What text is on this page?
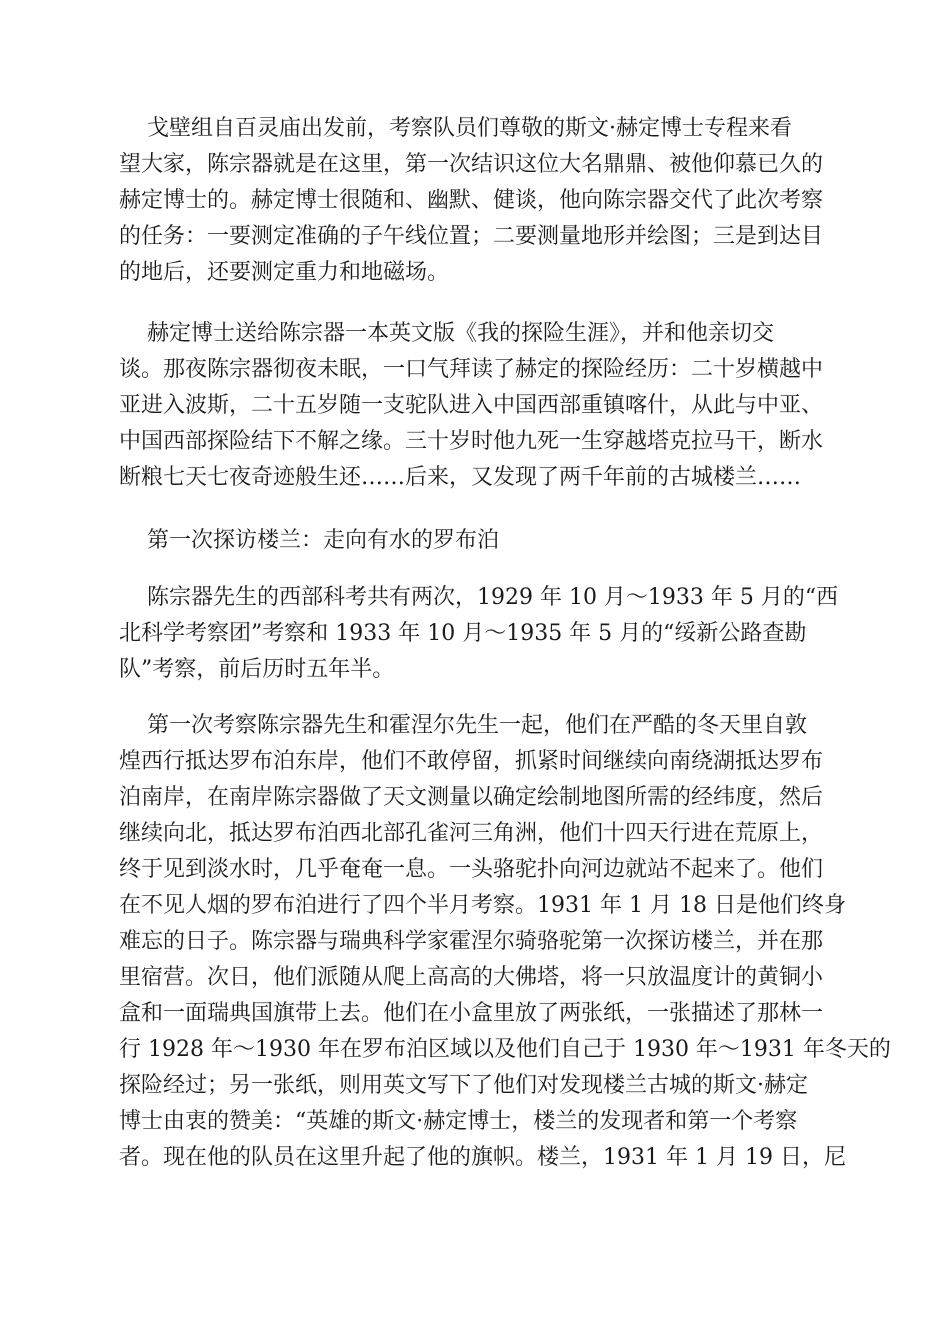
戈壁组自百灵庙出发前，考察队员们尊敬的斯文·赫定博士专程来看
望大家，陈宗器就是在这里，第一次结识这位大名鼎鼎、被他仰慕已久的
赫定博士的。赫定博士很随和、幽默、健谈，他向陈宗器交代了此次考察
的任务：一要测定准确的子午线位置；二要测量地形并绘图；三是到达目
的地后，还要测定重力和地磁场。
赫定博士送给陈宗器一本英文版《我的探险生涯》，并和他亲切交
谈。那夜陈宗器彻夜未眠，一口气拜读了赫定的探险经历：二十岁横越中
亚进入波斯，二十五岁随一支驼队进入中国西部重镇喀什，从此与中亚、
中国西部探险结下不解之缘。三十岁时他九死一生穿越塔克拉马干，断水
断粮七天七夜奇迹般生还……后来，又发现了两千年前的古城楼兰……
第一次探访楼兰：走向有水的罗布泊
陈宗器先生的西部科考共有两次，1929 年 10 月～1933 年 5 月的“西
北科学考察团”考察和 1933 年 10 月～1935 年 5 月的“绥新公路查勘
队”考察，前后历时五年半。
第一次考察陈宗器先生和霍涅尔先生一起，他们在严酷的冬天里自敦
煌西行抵达罗布泊东岸，他们不敢停留，抓紧时间继续向南绕湖抵达罗布
泊南岸，在南岸陈宗器做了天文测量以确定绘制地图所需的经纬度，然后
继续向北，抵达罗布泊西北部孔雀河三角洲，他们十四天行进在荒原上，
终于见到淡水时，几乎奄奄一息。一头骆驼扑向河边就站不起来了。他们
在不见人烟的罗布泊进行了四个半月考察。1931 年 1 月 18 日是他们终身
难忘的日子。陈宗器与瑞典科学家霍涅尔骑骆驼第一次探访楼兰，并在那
里宿营。次日，他们派随从爬上高高的大佛塔，将一只放温度计的黄铜小
盒和一面瑞典国旗带上去。他们在小盒里放了两张纸，一张描述了那林一
行 1928 年～1930 年在罗布泊区域以及他们自己于 1930 年～1931 年冬天的
探险经过；另一张纸，则用英文写下了他们对发现楼兰古城的斯文·赫定
博士由衷的赞美：“英雄的斯文·赫定博士，楼兰的发现者和第一个考察
者。现在他的队员在这里升起了他的旗帜。楼兰，1931 年 1 月 19 日，尼
